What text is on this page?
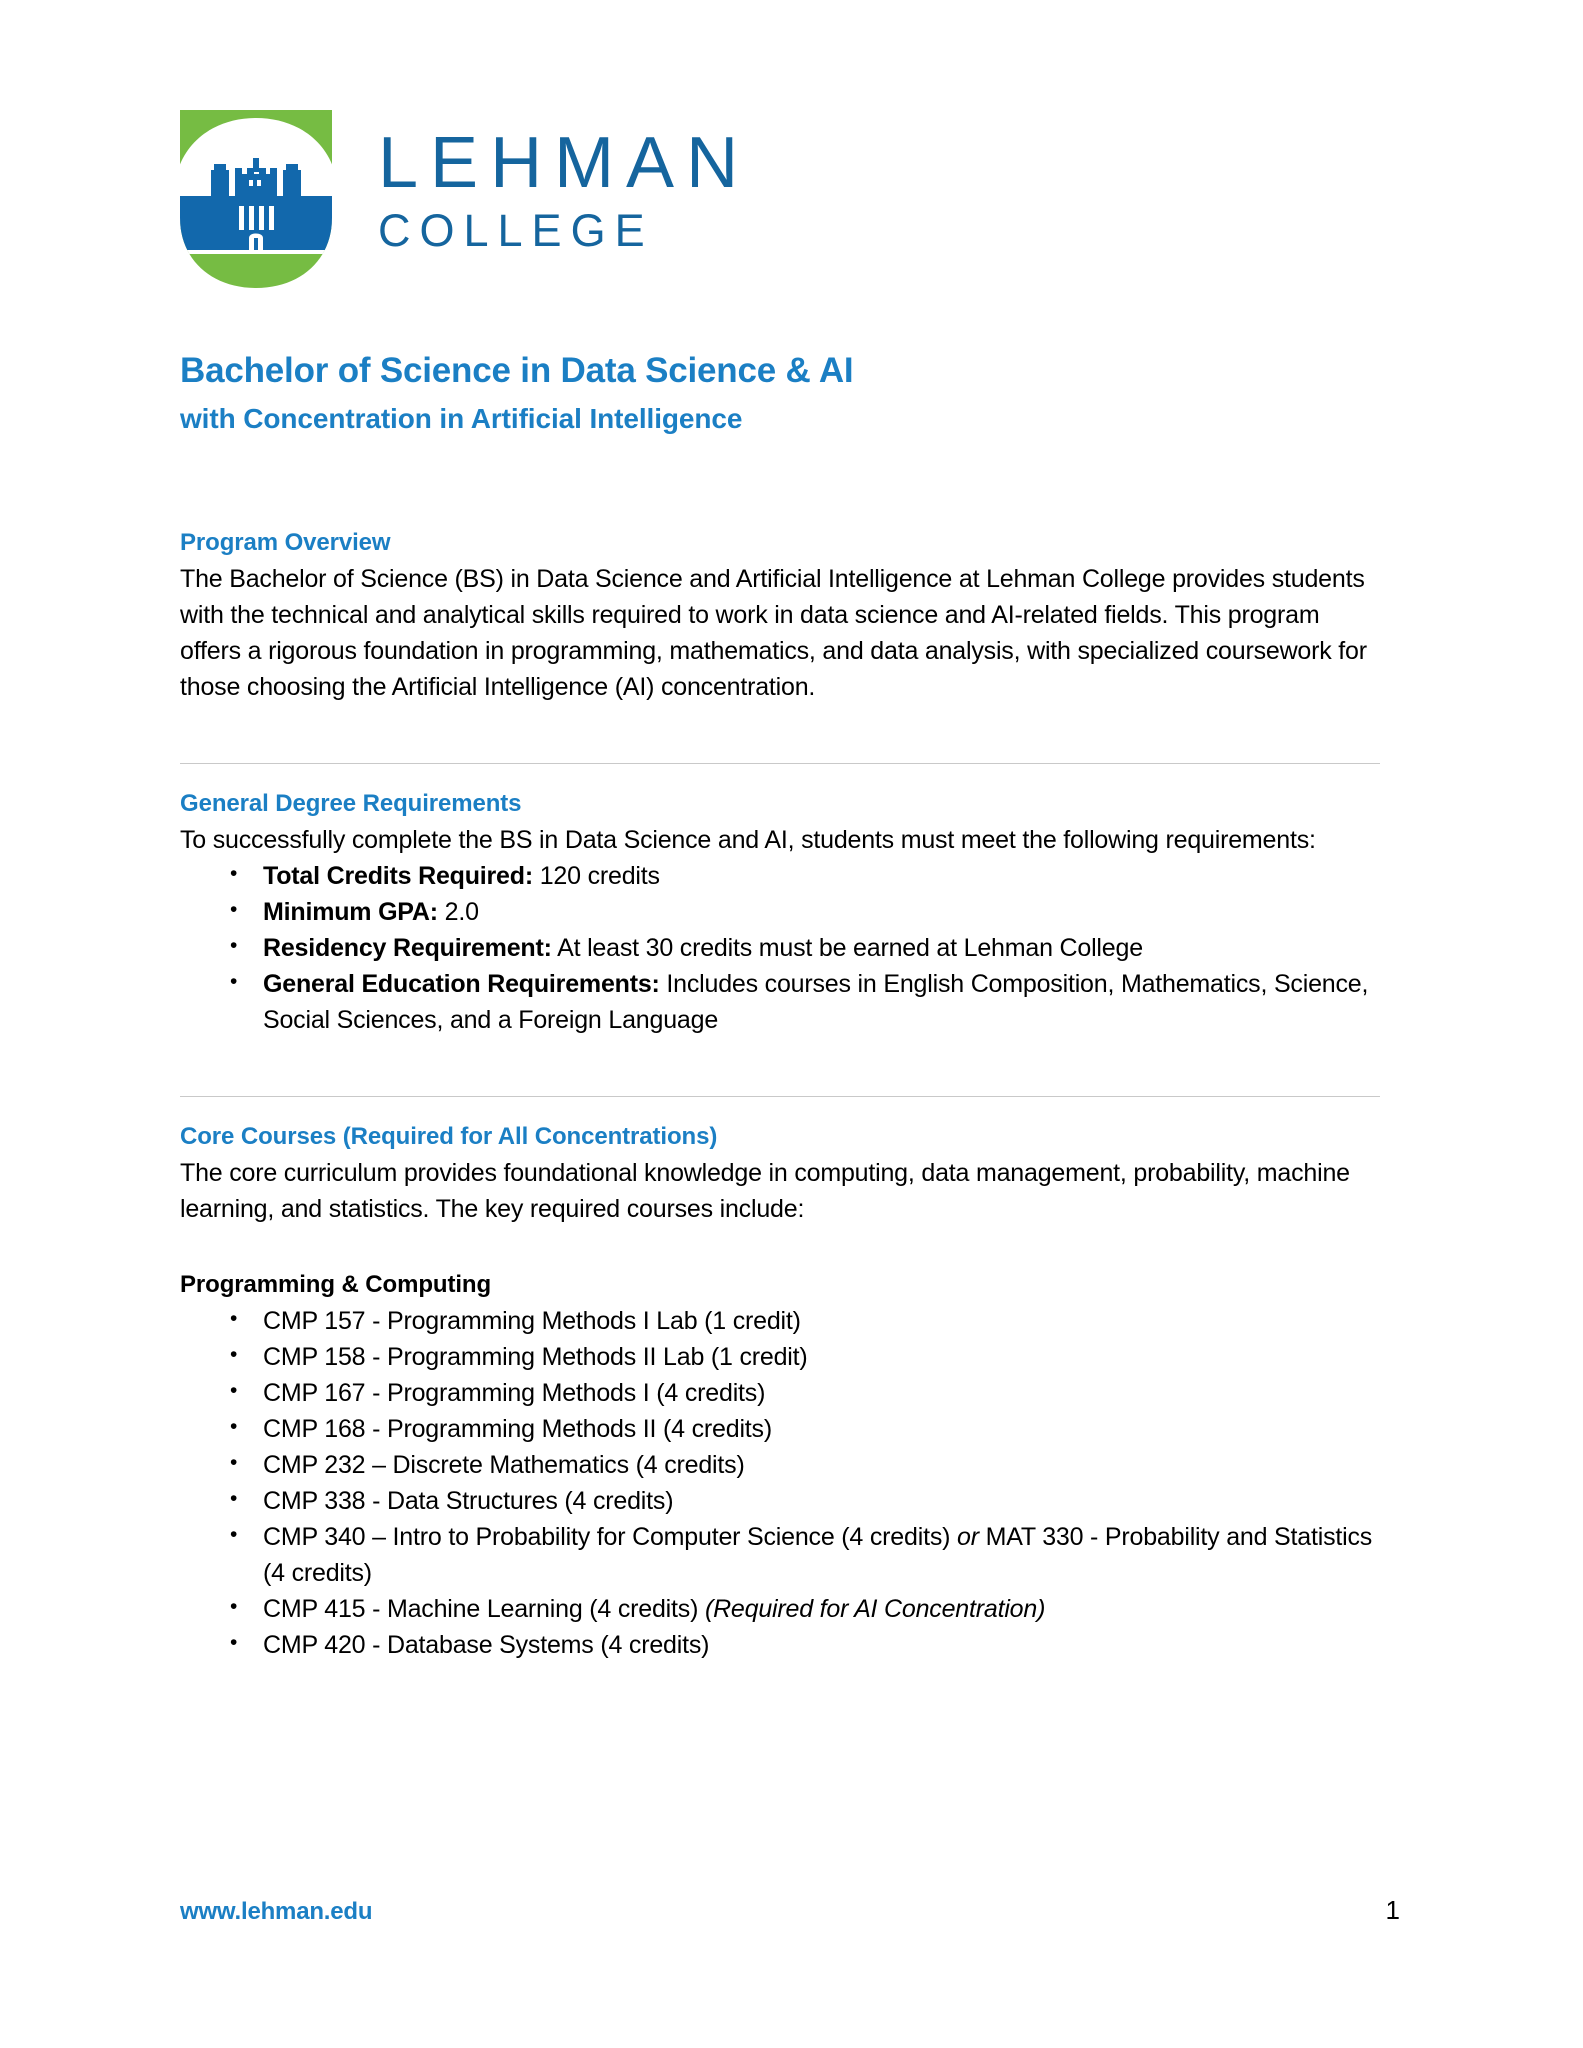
LEHMAN
COLLEGE
Bachelor of Science in Data Science & AI
with Concentration in Artificial Intelligence
Program Overview
The Bachelor of Science (BS) in Data Science and Artificial Intelligence at Lehman College provides students with the technical and analytical skills required to work in data science and AI-related fields. This program offers a rigorous foundation in programming, mathematics, and data analysis, with specialized coursework for those choosing the Artificial Intelligence (AI) concentration.
General Degree Requirements
To successfully complete the BS in Data Science and AI, students must meet the following requirements:
• Total Credits Required: 120 credits
• Minimum GPA: 2.0
• Residency Requirement: At least 30 credits must be earned at Lehman College
• General Education Requirements: Includes courses in English Composition, Mathematics, Science, Social Sciences, and a Foreign Language
Core Courses (Required for All Concentrations)
The core curriculum provides foundational knowledge in computing, data management, probability, machine learning, and statistics. The key required courses include:
Programming & Computing
• CMP 157 - Programming Methods I Lab (1 credit)
• CMP 158 - Programming Methods II Lab (1 credit)
• CMP 167 - Programming Methods I (4 credits)
• CMP 168 - Programming Methods II (4 credits)
• CMP 232 – Discrete Mathematics (4 credits)
• CMP 338 - Data Structures (4 credits)
• CMP 340 – Intro to Probability for Computer Science (4 credits) or MAT 330 - Probability and Statistics (4 credits)
• CMP 415 - Machine Learning (4 credits) (Required for AI Concentration)
• CMP 420 - Database Systems (4 credits)
www.lehman.edu	1
